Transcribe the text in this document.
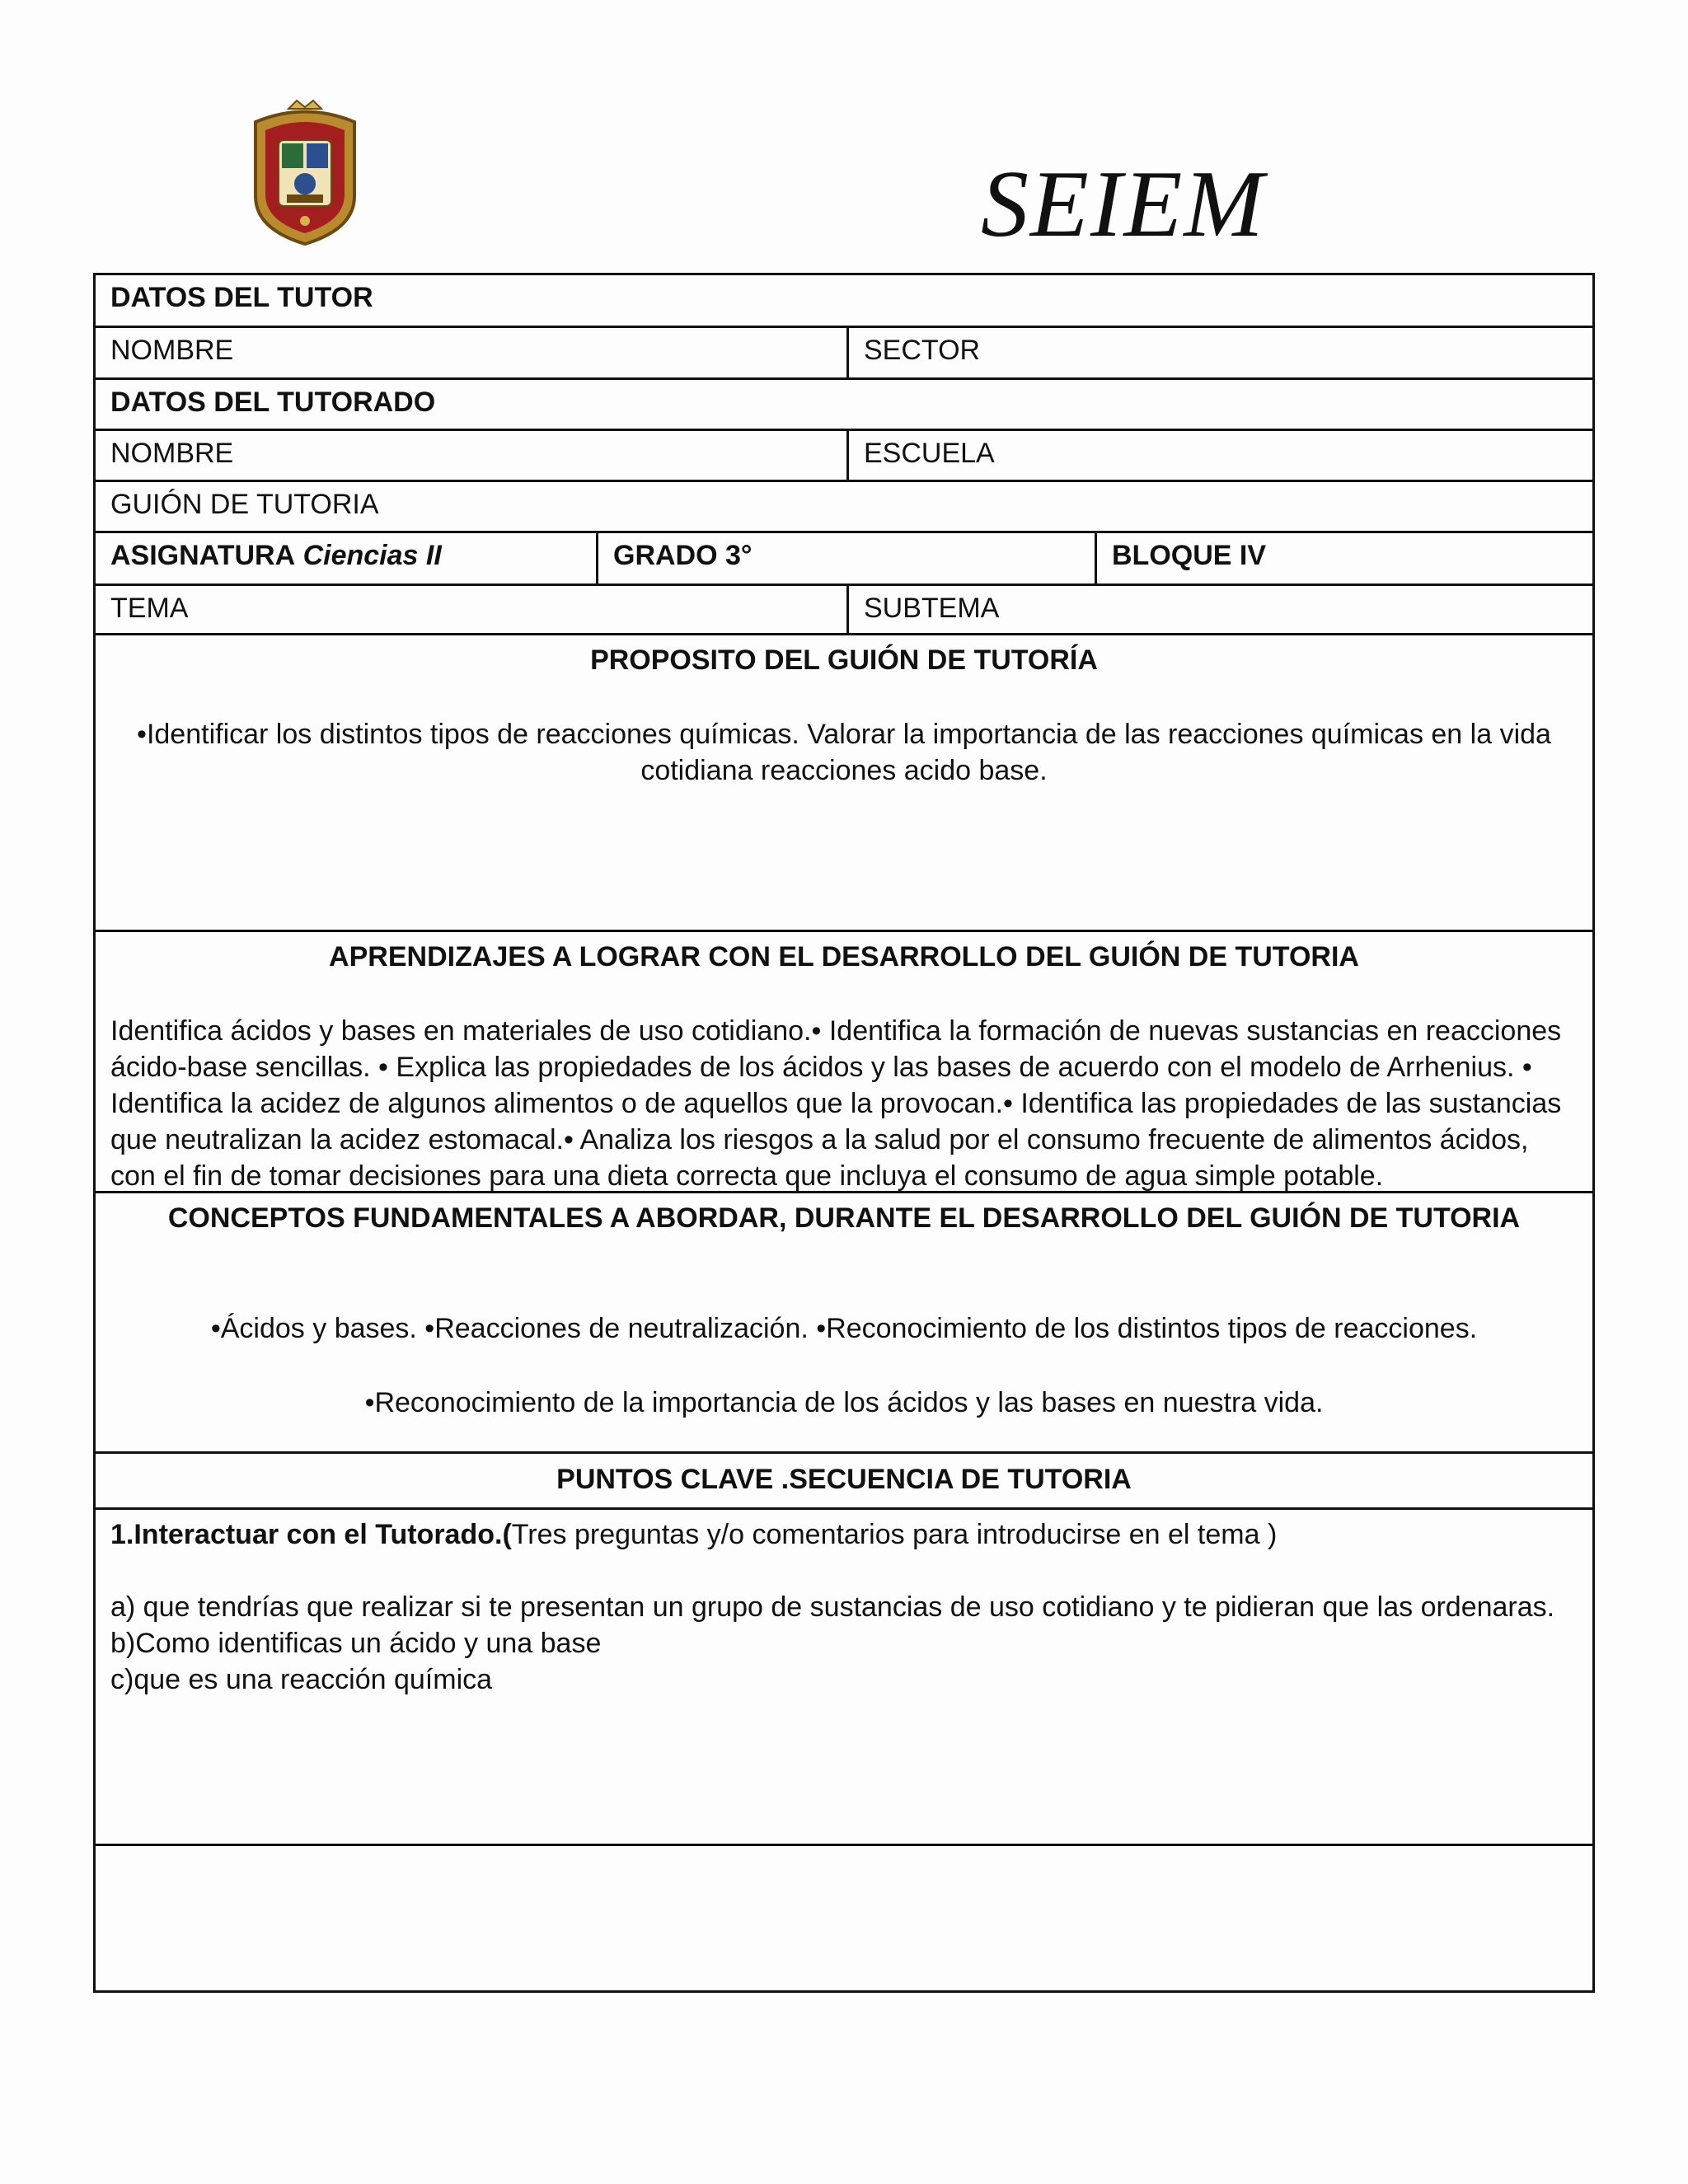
SEIEM
DATOS DEL TUTOR
NOMBRE	SECTOR
DATOS DEL TUTORADO
NOMBRE	ESCUELA
GUIÓN DE TUTORIA
ASIGNATURA Ciencias II	GRADO 3°	BLOQUE IV
TEMA	SUBTEMA
PROPOSITO DEL GUIÓN DE TUTORÍA

•Identificar los distintos tipos de reacciones químicas. Valorar la importancia de las reacciones químicas en la vida cotidiana reacciones acido base.

APRENDIZAJES A LOGRAR CON EL DESARROLLO DEL GUIÓN DE TUTORIA

Identifica ácidos y bases en materiales de uso cotidiano.• Identifica la formación de nuevas sustancias en reacciones ácido-base sencillas. • Explica las propiedades de los ácidos y las bases de acuerdo con el modelo de Arrhenius. • Identifica la acidez de algunos alimentos o de aquellos que la provocan.• Identifica las propiedades de las sustancias que neutralizan la acidez estomacal.• Analiza los riesgos a la salud por el consumo frecuente de alimentos ácidos, con el fin de tomar decisiones para una dieta correcta que incluya el consumo de agua simple potable.

CONCEPTOS FUNDAMENTALES A ABORDAR, DURANTE EL DESARROLLO DEL GUIÓN DE TUTORIA

•Ácidos y bases. •Reacciones de neutralización. •Reconocimiento de los distintos tipos de reacciones.

•Reconocimiento de la importancia de los ácidos y las bases en nuestra vida.

PUNTOS CLAVE .SECUENCIA DE TUTORIA
1.Interactuar con el Tutorado.(Tres preguntas y/o comentarios para introducirse en el tema )

a) que tendrías que realizar si te presentan un grupo de sustancias de uso cotidiano y te pidieran que las ordenaras.

b)Como identificas un ácido y una base

c)que es una reacción química
